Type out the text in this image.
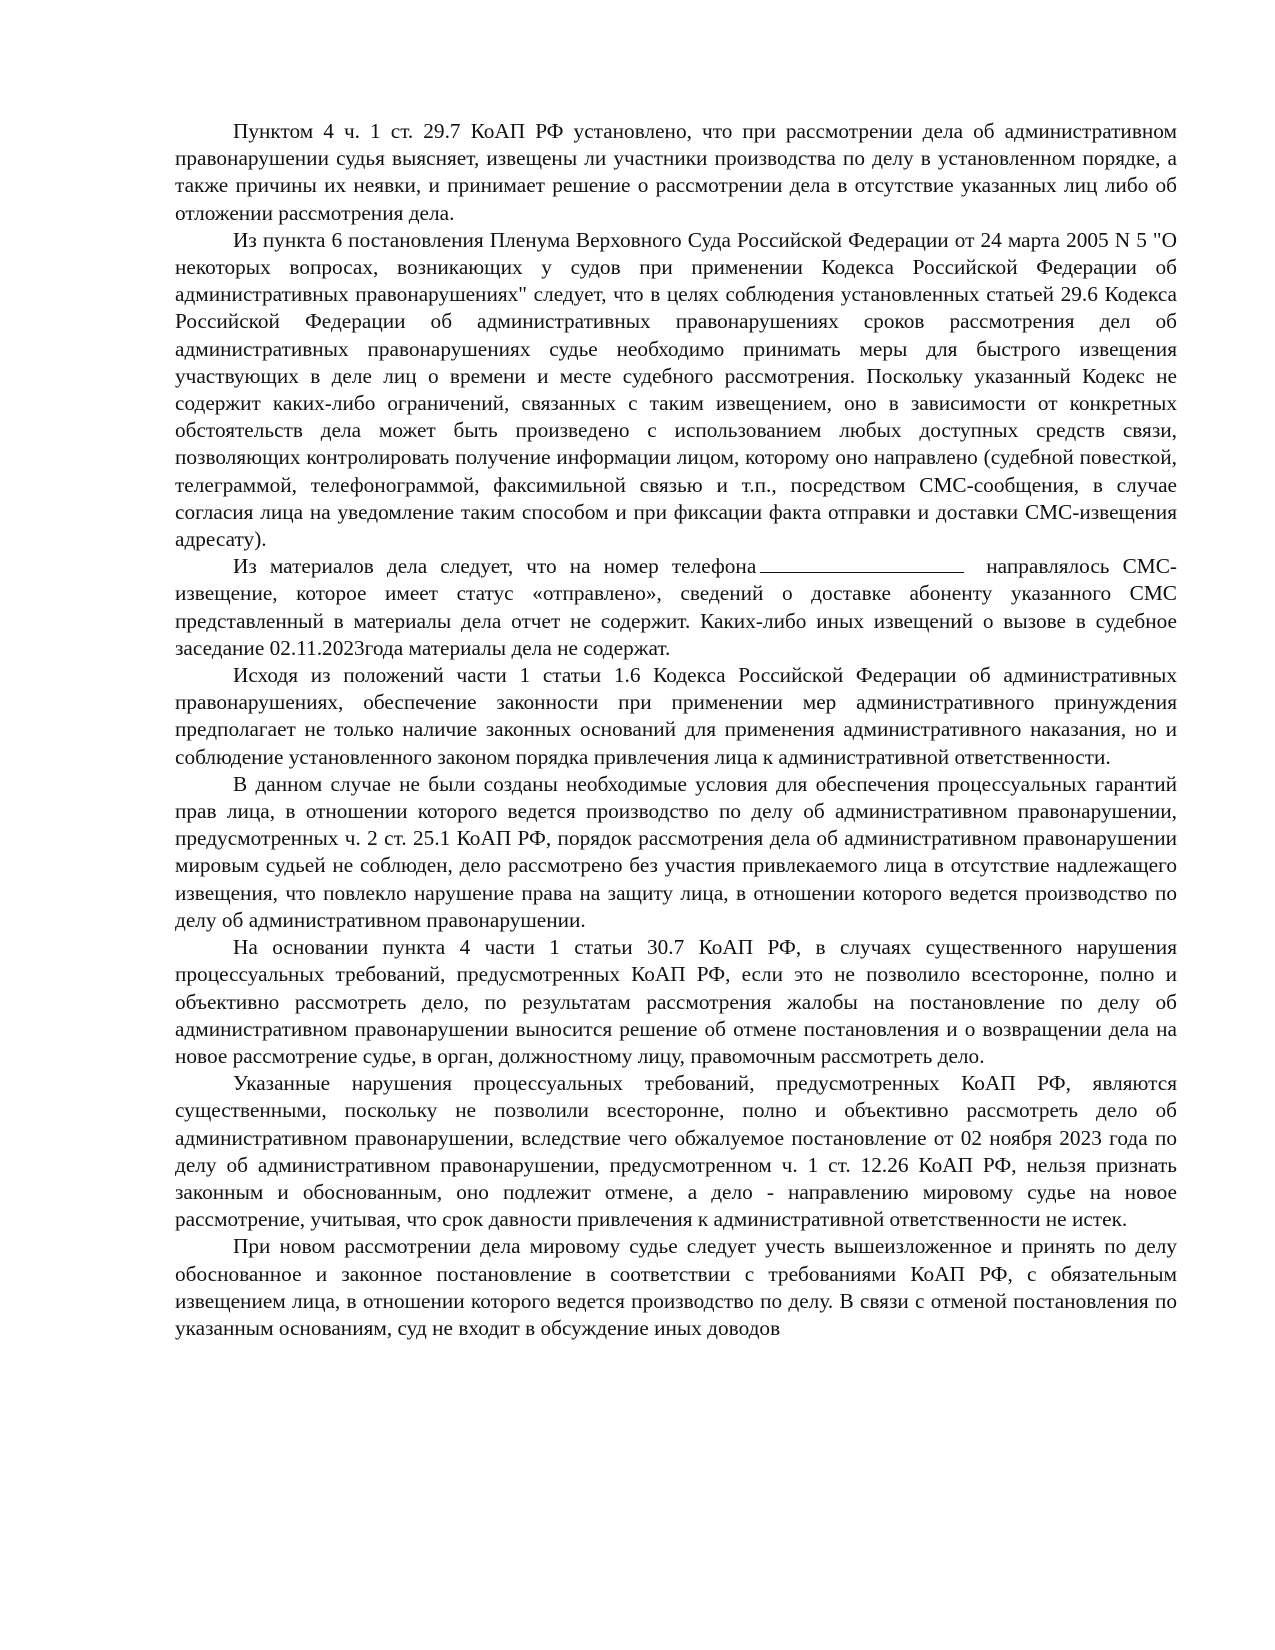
Пунктом 4 ч. 1 ст. 29.7 КоАП РФ установлено, что при рассмотрении дела об административном правонарушении судья выясняет, извещены ли участники производства по делу в установленном порядке, а также причины их неявки, и принимает решение о рассмотрении дела в отсутствие указанных лиц либо об отложении рассмотрения дела.

Из пункта 6 постановления Пленума Верховного Суда Российской Федерации от 24 марта 2005 N 5 "О некоторых вопросах, возникающих у судов при применении Кодекса Российской Федерации об административных правонарушениях" следует, что в целях соблюдения установленных статьей 29.6 Кодекса Российской Федерации об административных правонарушениях сроков рассмотрения дел об административных правонарушениях судье необходимо принимать меры для быстрого извещения участвующих в деле лиц о времени и месте судебного рассмотрения. Поскольку указанный Кодекс не содержит каких-либо ограничений, связанных с таким извещением, оно в зависимости от конкретных обстоятельств дела может быть произведено с использованием любых доступных средств связи, позволяющих контролировать получение информации лицом, которому оно направлено (судебной повесткой, телеграммой, телефонограммой, факсимильной связью и т.п., посредством СМС-сообщения, в случае согласия лица на уведомление таким способом и при фиксации факта отправки и доставки СМС-извещения адресату).

Из материалов дела следует, что на номер телефона	направлялось СМС-извещение, которое имеет статус «отправлено», сведений о доставке абоненту указанного СМС представленный в материалы дела отчет не содержит. Каких-либо иных извещений о вызове в судебное заседание 02.11.2023года материалы дела не содержат.

Исходя из положений части 1 статьи 1.6 Кодекса Российской Федерации об административных правонарушениях, обеспечение законности при применении мер административного принуждения предполагает не только наличие законных оснований для применения административного наказания, но и соблюдение установленного законом порядка привлечения лица к административной ответственности.

В данном случае не были созданы необходимые условия для обеспечения процессуальных гарантий прав лица, в отношении которого ведется производство по делу об административном правонарушении, предусмотренных ч. 2 ст. 25.1 КоАП РФ, порядок рассмотрения дела об административном правонарушении мировым судьей не соблюден, дело рассмотрено без участия привлекаемого лица в отсутствие надлежащего извещения, что повлекло нарушение права на защиту лица, в отношении которого ведется производство по делу об административном правонарушении.

На основании пункта 4 части 1 статьи 30.7 КоАП РФ, в случаях существенного нарушения процессуальных требований, предусмотренных КоАП РФ, если это не позволило всесторонне, полно и объективно рассмотреть дело, по результатам рассмотрения жалобы на постановление по делу об административном правонарушении выносится решение об отмене постановления и о возвращении дела на новое рассмотрение судье, в орган, должностному лицу, правомочным рассмотреть дело.

Указанные нарушения процессуальных требований, предусмотренных КоАП РФ, являются существенными, поскольку не позволили всесторонне, полно и объективно рассмотреть дело об административном правонарушении, вследствие чего обжалуемое постановление от 02 ноября 2023 года по делу об административном правонарушении, предусмотренном ч. 1 ст. 12.26 КоАП РФ, нельзя признать законным и обоснованным, оно подлежит отмене, а дело - направлению мировому судье на новое рассмотрение, учитывая, что срок давности привлечения к административной ответственности не истек.

При новом рассмотрении дела мировому судье следует учесть вышеизложенное и принять по делу обоснованное и законное постановление в соответствии с требованиями КоАП РФ, с обязательным извещением лица, в отношении которого ведется производство по делу. В связи с отменой постановления по указанным основаниям, суд не входит в обсуждение иных доводов
